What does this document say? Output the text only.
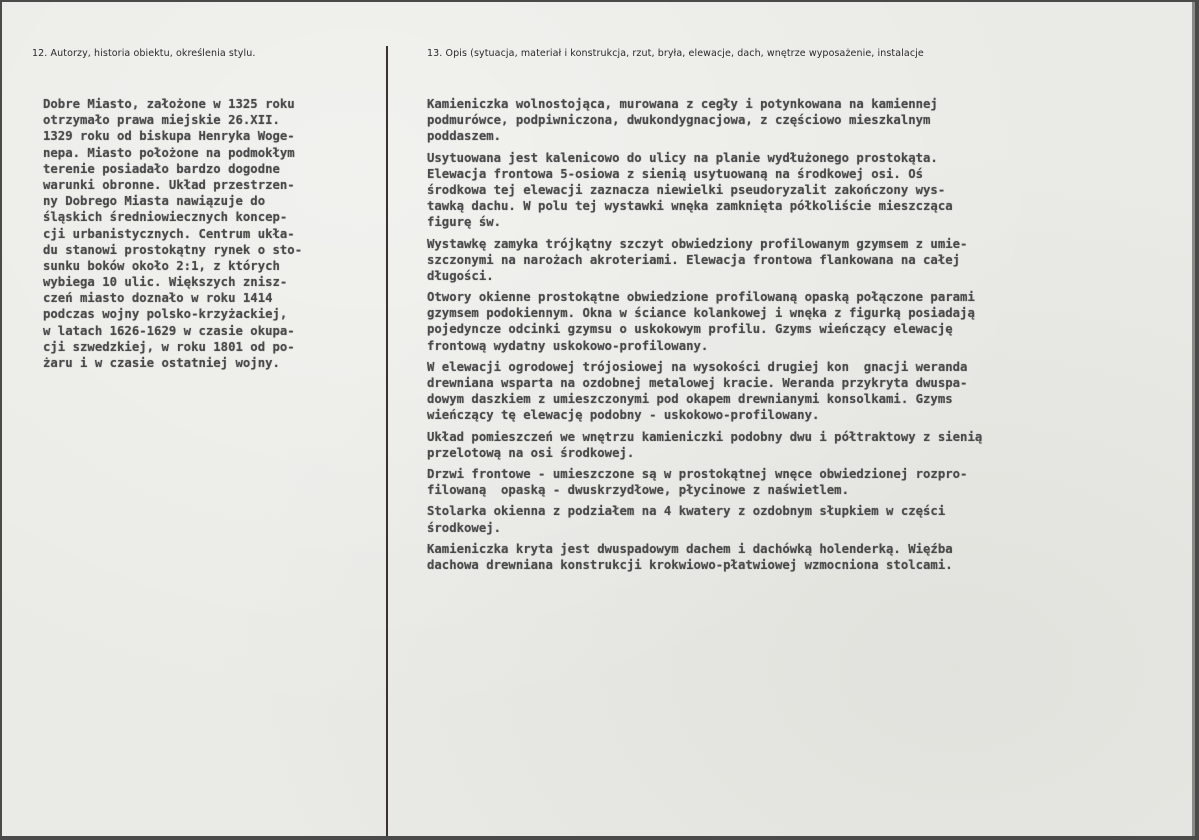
12. Autorzy, historia obiektu, określenia stylu.	13. Opis (sytuacja, materiał i konstrukcja, rzut, bryła, elewacje, dach, wnętrze wyposażenie, instalacje
Dobre Miasto, założone w 1325 roku
otrzymało prawa miejskie 26.XII.
1329 roku od biskupa Henryka Woge-
nepa. Miasto położone na podmokłym
terenie posiadało bardzo dogodne
warunki obronne. Układ przestrzen-
ny Dobrego Miasta nawiązuje do
śląskich średniowiecznych koncep-
cji urbanistycznych. Centrum ukła-
du stanowi prostokątny rynek o sto-
sunku boków około 2:1, z których
wybiega 10 ulic. Większych znisz-
czeń miasto doznało w roku 1414
podczas wojny polsko-krzyżackiej,
w latach 1626-1629 w czasie okupa-
cji szwedzkiej, w roku 1801 od po-
żaru i w czasie ostatniej wojny.
Kamieniczka wolnostojąca, murowana z cegły i potynkowana na kamiennej
podmurówce, podpiwniczona, dwukondygnacjowa, z częściowo mieszkalnym
poddaszem.
Usytuowana jest kalenicowo do ulicy na planie wydłużonego prostokąta.
Elewacja frontowa 5-osiowa z sienią usytuowaną na środkowej osi. Oś
środkowa tej elewacji zaznacza niewielki pseudoryzalit zakończony wys-
tawką dachu. W polu tej wystawki wnęka zamknięta półkoliście mieszcząca
figurę św.
Wystawkę zamyka trójkątny szczyt obwiedziony profilowanym gzymsem z umie-
szczonymi na narożach akroteriami. Elewacja frontowa flankowana na całej
długości.
Otwory okienne prostokątne obwiedzione profilowaną opaską połączone parami
gzymsem podokiennym. Okna w ściance kolankowej i wnęka z figurką posiadają
pojedyncze odcinki gzymsu o uskokowym profilu. Gzyms wieńczący elewację
frontową wydatny uskokowo-profilowany.
W elewacji ogrodowej trójosiowej na wysokości drugiej kon  gnacji weranda
drewniana wsparta na ozdobnej metalowej kracie. Weranda przykryta dwuspa-
dowym daszkiem z umieszczonymi pod okapem drewnianymi konsolkami. Gzyms
wieńczący tę elewację podobny - uskokowo-profilowany.
Układ pomieszczeń we wnętrzu kamieniczki podobny dwu i półtraktowy z sienią
przelotową na osi środkowej.
Drzwi frontowe - umieszczone są w prostokątnej wnęce obwiedzionej rozpro-
filowaną  opaską - dwuskrzydłowe, płycinowe z naświetlem.
Stolarka okienna z podziałem na 4 kwatery z ozdobnym słupkiem w części
środkowej.
Kamieniczka kryta jest dwuspadowym dachem i dachówką holenderką. Więźba
dachowa drewniana konstrukcji krokwiowo-płatwiowej wzmocniona stolcami.
